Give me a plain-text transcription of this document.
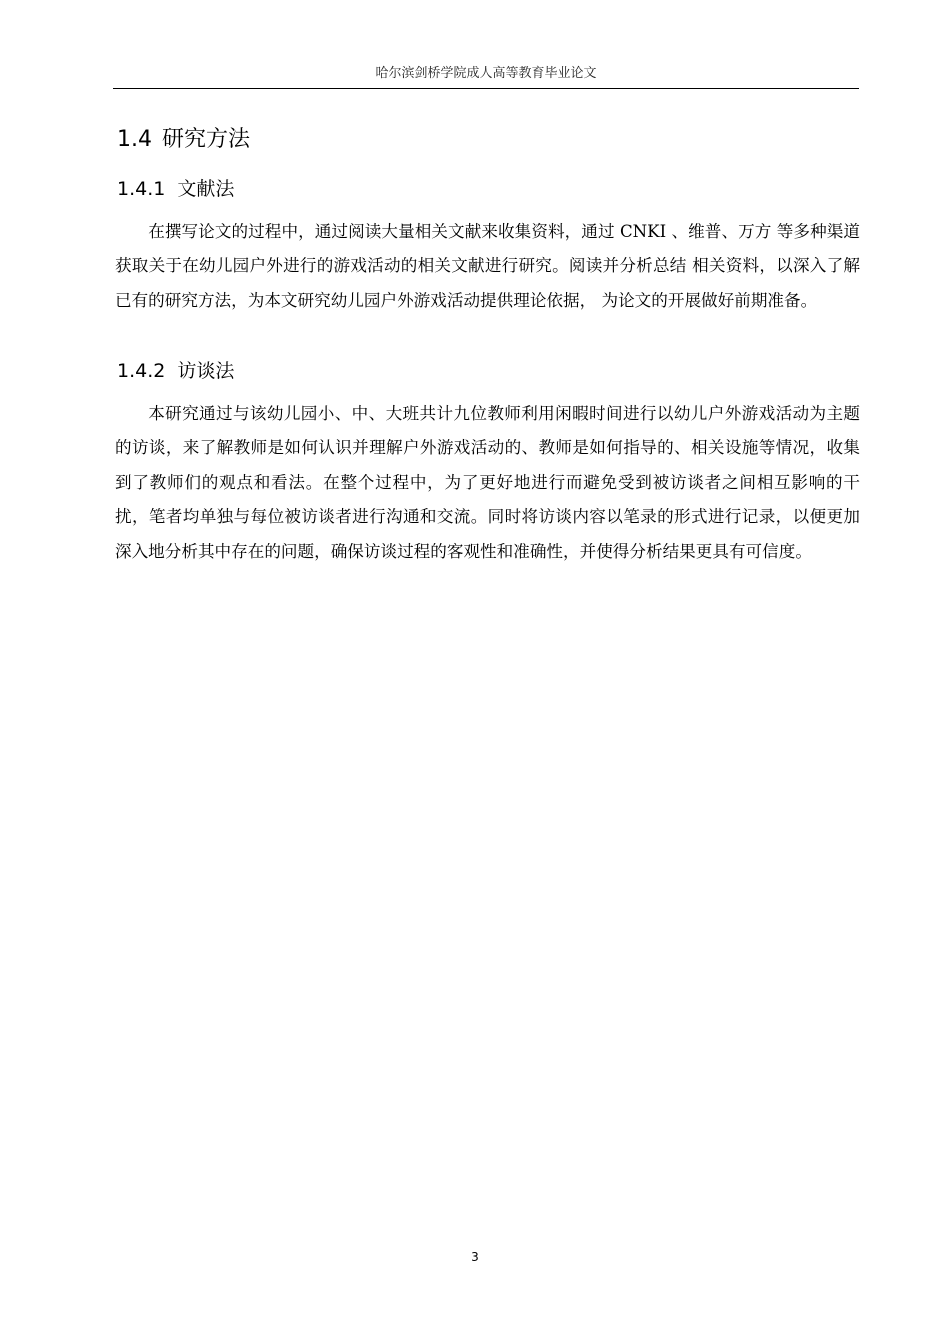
哈尔滨剑桥学院成人高等教育毕业论文
1.4 研究方法
1.4.1 文献法

在撰写论文的过程中，通过阅读大量相关文献来收集资料，通过 CNKI 、维普、万方 等多种渠道获取关于在幼儿园户外进行的游戏活动的相关文献进行研究。阅读并分析总结 相关资料，以深入了解已有的研究方法，为本文研究幼儿园户外游戏活动提供理论依据， 为论文的开展做好前期准备。

1.4.2 访谈法

本研究通过与该幼儿园小、中、大班共计九位教师利用闲暇时间进行以幼儿户外游戏活动为主题的访谈，来了解教师是如何认识并理解户外游戏活动的、教师是如何指导的、相关设施等情况，收集到了教师们的观点和看法。在整个过程中，为了更好地进行而避免受到被访谈者之间相互影响的干扰，笔者均单独与每位被访谈者进行沟通和交流。同时将访谈内容以笔录的形式进行记录，以便更加深入地分析其中存在的问题，确保访谈过程的客观性和准确性，并使得分析结果更具有可信度。

3
